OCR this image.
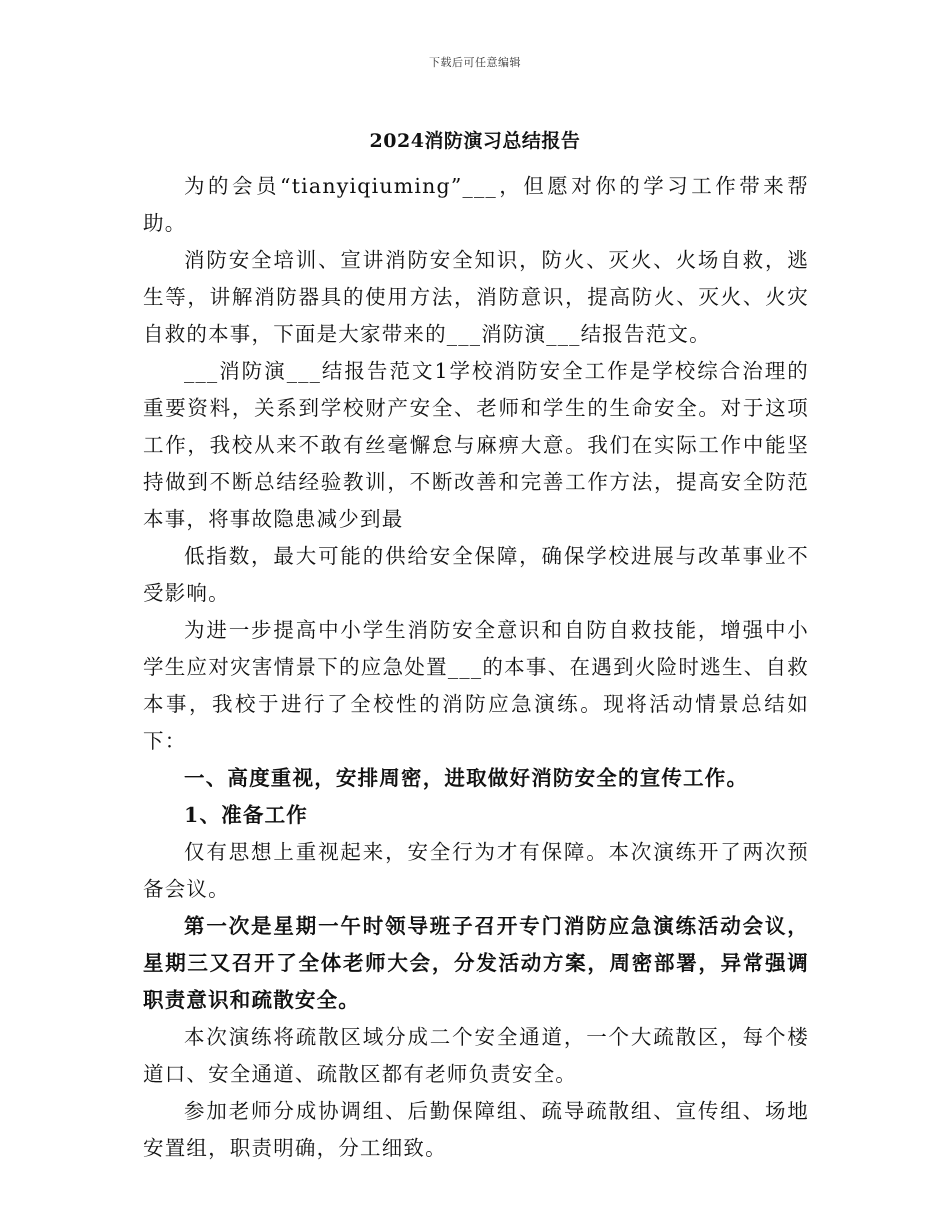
下载后可任意编辑
2024消防演习总结报告

为的会员“tianyiqiuming”___，但愿对你的学习工作带来帮助。

消防安全培训、宣讲消防安全知识，防火、灭火、火场自救，逃生等，讲解消防器具的使用方法，消防意识，提高防火、灭火、火灾自救的本事，下面是大家带来的___消防演___结报告范文。

___消防演___结报告范文1学校消防安全工作是学校综合治理的重要资料，关系到学校财产安全、老师和学生的生命安全。对于这项工作，我校从来不敢有丝毫懈怠与麻痹大意。我们在实际工作中能坚持做到不断总结经验教训，不断改善和完善工作方法，提高安全防范本事，将事故隐患减少到最

低指数，最大可能的供给安全保障，确保学校进展与改革事业不受影响。

为进一步提高中小学生消防安全意识和自防自救技能，增强中小学生应对灾害情景下的应急处置___的本事、在遇到火险时逃生、自救本事，我校于进行了全校性的消防应急演练。现将活动情景总结如下：

一、高度重视，安排周密，进取做好消防安全的宣传工作。

1、准备工作

仅有思想上重视起来，安全行为才有保障。本次演练开了两次预备会议。

第一次是星期一午时领导班子召开专门消防应急演练活动会议，星期三又召开了全体老师大会，分发活动方案，周密部署，异常强调职责意识和疏散安全。

本次演练将疏散区域分成二个安全通道，一个大疏散区，每个楼道口、安全通道、疏散区都有老师负责安全。

参加老师分成协调组、后勤保障组、疏导疏散组、宣传组、场地安置组，职责明确，分工细致。
